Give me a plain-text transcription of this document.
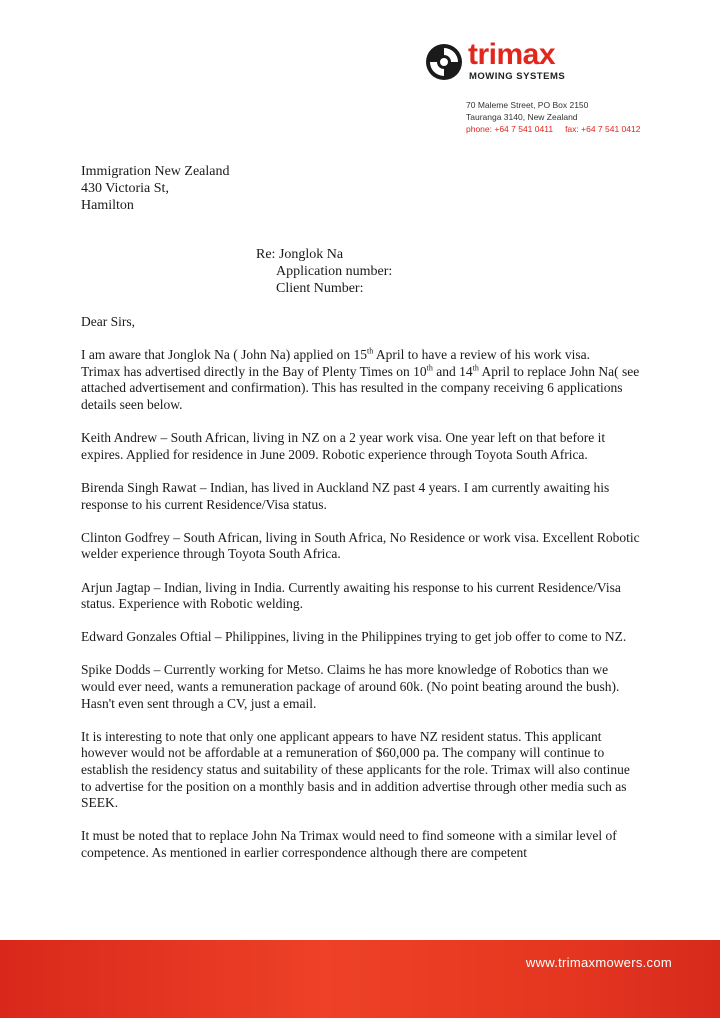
trimax
MOWING SYSTEMS
70 Maleme Street, PO Box 2150
Tauranga 3140, New Zealand
phone: +64 7 541 0411 fax: +64 7 541 0412
Immigration New Zealand
430 Victoria St,
Hamilton
Re: Jonglok Na
Application number:
Client Number:

Dear Sirs,

I am aware that Jonglok Na ( John Na) applied on 15th April to have a review of his work visa.

Trimax has advertised directly in the Bay of Plenty Times on 10th and 14th April to replace John Na( see attached advertisement and confirmation). This has resulted in the company receiving 6 applications details seen below.

Keith Andrew – South African, living in NZ on a 2 year work visa. One year left on that before it expires. Applied for residence in June 2009. Robotic experience through Toyota South Africa.

Birenda Singh Rawat – Indian, has lived in Auckland NZ past 4 years. I am currently awaiting his response to his current Residence/Visa status.

Clinton Godfrey – South African, living in South Africa, No Residence or work visa. Excellent Robotic welder experience through Toyota South Africa.

Arjun Jagtap – Indian, living in India. Currently awaiting his response to his current Residence/Visa status. Experience with Robotic welding.

Edward Gonzales Oftial – Philippines, living in the Philippines trying to get job offer to come to NZ.

Spike Dodds – Currently working for Metso. Claims he has more knowledge of Robotics than we would ever need, wants a remuneration package of around 60k. (No point beating around the bush). Hasn't even sent through a CV, just a email.

It is interesting to note that only one applicant appears to have NZ resident status. This applicant however would not be affordable at a remuneration of $60,000 pa. The company will continue to establish the residency status and suitability of these applicants for the role. Trimax will also continue to advertise for the position on a monthly basis and in addition advertise through other media such as SEEK.

It must be noted that to replace John Na Trimax would need to find someone with a similar level of competence. As mentioned in earlier correspondence although there are competent

www.trimaxmowers.com
